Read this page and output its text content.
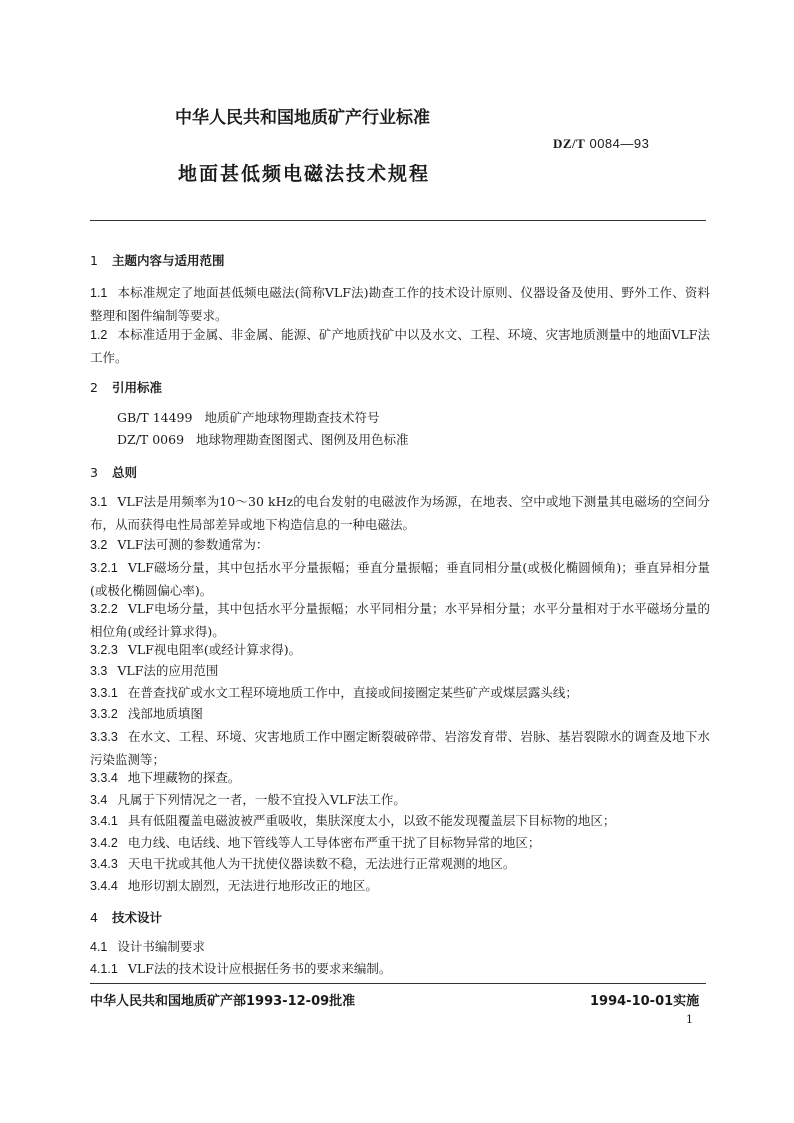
中华人民共和国地质矿产行业标准
DZ/T 0084—93
地面甚低频电磁法技术规程
1 主题内容与适用范围
1.1 本标准规定了地面甚低频电磁法(简称VLF法)勘查工作的技术设计原则、仪器设备及使用、野外工作、资料整理和图件编制等要求。
1.2 本标准适用于金属、非金属、能源、矿产地质找矿中以及水文、工程、环境、灾害地质测量中的地面VLF法工作。
2 引用标准
GB/T 14499 地质矿产地球物理勘查技术符号
DZ/T 0069 地球物理勘查图图式、图例及用色标准
3 总则
3.1 VLF法是用频率为10～30 kHz的电台发射的电磁波作为场源，在地表、空中或地下测量其电磁场的空间分布，从而获得电性局部差异或地下构造信息的一种电磁法。
3.2 VLF法可测的参数通常为：
3.2.1 VLF磁场分量，其中包括水平分量振幅；垂直分量振幅；垂直同相分量(或极化椭圆倾角)；垂直异相分量(或极化椭圆偏心率)。
3.2.2 VLF电场分量，其中包括水平分量振幅；水平同相分量；水平异相分量；水平分量相对于水平磁场分量的相位角(或经计算求得)。
3.2.3 VLF视电阻率(或经计算求得)。
3.3 VLF法的应用范围
3.3.1 在普查找矿或水文工程环境地质工作中，直接或间接圈定某些矿产或煤层露头线；
3.3.2 浅部地质填图
3.3.3 在水文、工程、环境、灾害地质工作中圈定断裂破碎带、岩溶发育带、岩脉、基岩裂隙水的调查及地下水污染监测等；
3.3.4 地下埋藏物的探查。
3.4 凡属于下列情况之一者，一般不宜投入VLF法工作。
3.4.1 具有低阻覆盖电磁波被严重吸收，集肤深度太小，以致不能发现覆盖层下目标物的地区；
3.4.2 电力线、电话线、地下管线等人工导体密布严重干扰了目标物异常的地区；
3.4.3 天电干扰或其他人为干扰使仪器读数不稳，无法进行正常观测的地区。
3.4.4 地形切割太剧烈，无法进行地形改正的地区。
4 技术设计
4.1 设计书编制要求
4.1.1 VLF法的技术设计应根据任务书的要求来编制。
中华人民共和国地质矿产部1993-12-09批准	1994-10-01实施
1
